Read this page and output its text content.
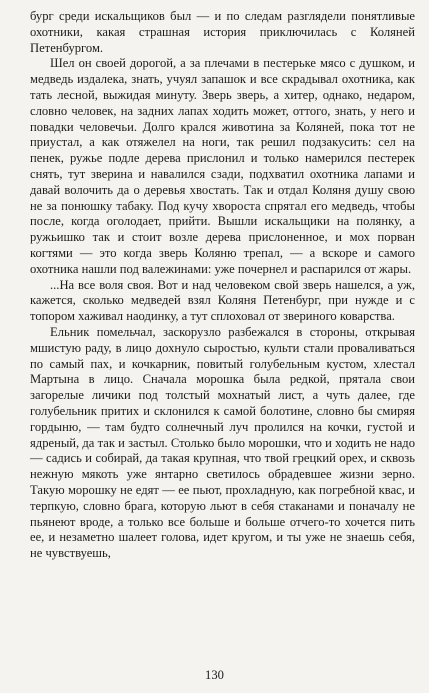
бург среди искальщиков был — и по следам разглядели понятливые охотники, какая страшная история приключилась с Коляней Петенбургом.

Шел он своей дорогой, а за плечами в пестерьке мясо с душком, и медведь издалека, знать, учуял запашок и все скрадывал охотника, как тать лесной, выжидая минуту. Зверь зверь, а хитер, однако, недаром, словно человек, на задних лапах ходить может, оттого, знать, у него и повадки человечьи. Долго крался животина за Коляней, пока тот не приустал, а как отяжелел на ноги, так решил подзакусить: сел на пенек, ружье подле дерева прислонил и только намерился пестерек снять, тут зверина и навалился сзади, подхватил охотника лапами и давай волочить да о деревья хвостать. Так и отдал Коляня душу свою не за понюшку табаку. Под кучу хвороста спрятал его медведь, чтобы после, когда оголодает, прийти. Вышли искальщики на полянку, а ружьишко так и стоит возле дерева прислоненное, и мох порван когтями — это когда зверь Коляню трепал, — а вскоре и самого охотника нашли под валежинами: уже почернел и распарился от жары.

...На все воля своя. Вот и над человеком свой зверь нашелся, а уж, кажется, сколько медведей взял Коляня Петенбург, при нужде и с топором хаживал наодинку, а тут сплоховал от звериного коварства.

Ельник помельчал, заскорузло разбежался в стороны, открывая мшистую раду, в лицо дохнуло сыростью, культи стали проваливаться по самый пах, и кочкарник, повитый голубельным кустом, хлестал Мартына в лицо. Сначала морошка была редкой, прятала свои загорелые личики под толстый мохнатый лист, а чуть далее, где голубельник притих и склонился к самой болотине, словно бы смиряя гордыню, — там будто солнечный луч пролился на кочки, густой и ядреный, да так и застыл. Столько было морошки, что и ходить не надо — садись и собирай, да такая крупная, что твой грецкий орех, и сквозь нежную мякоть уже янтарно светилось обрадевшее жизни зерно. Такую морошку не едят — ее пьют, прохладную, как погребной квас, и терпкую, словно брага, которую льют в себя стаканами и поначалу не пьянеют вроде, а только все больше и больше отчего-то хочется пить ее, и незаметно шалеет голова, идет кругом, и ты уже не знаешь себя, не чувствуешь,

130
